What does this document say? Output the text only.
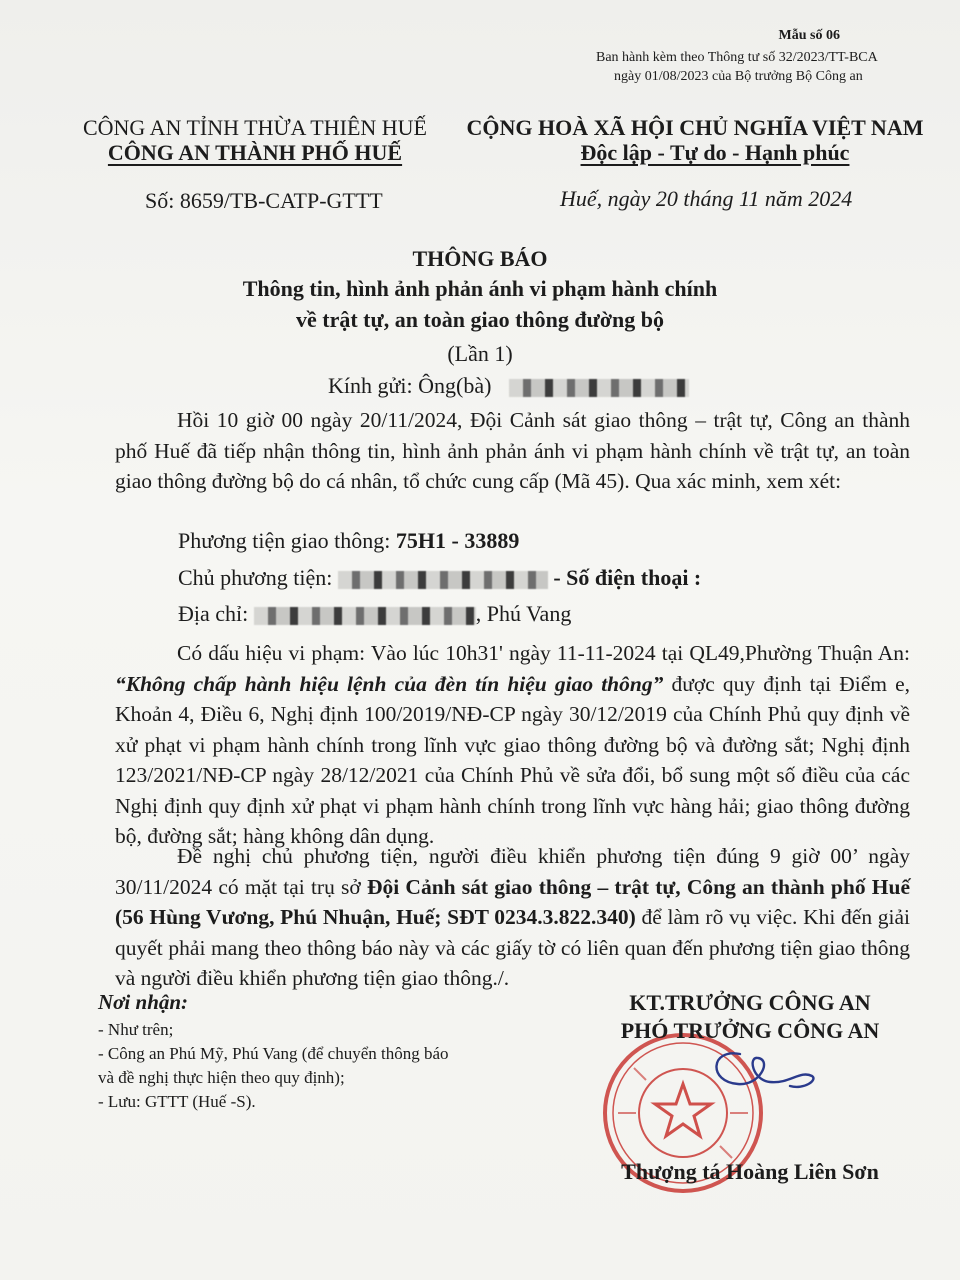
Mẫu số 06
Ban hành kèm theo Thông tư số 32/2023/TT-BCA
ngày 01/08/2023 của Bộ trưởng Bộ Công an
CÔNG AN TỈNH THỪA THIÊN HUẾ
CÔNG AN THÀNH PHỐ HUẾ
CỘNG HOÀ XÃ HỘI CHỦ NGHĨA VIỆT NAM
Độc lập - Tự do - Hạnh phúc
Số: 8659/TB-CATP-GTTT	Huế, ngày 20 tháng 11 năm 2024
THÔNG BÁO
Thông tin, hình ảnh phản ánh vi phạm hành chính
về trật tự, an toàn giao thông đường bộ
(Lần 1)
Kính gửi: Ông(bà)
Hồi 10 giờ 00 ngày 20/11/2024, Đội Cảnh sát giao thông – trật tự, Công an thành phố Huế đã tiếp nhận thông tin, hình ảnh phản ánh vi phạm hành chính về trật tự, an toàn giao thông đường bộ do cá nhân, tổ chức cung cấp (Mã 45). Qua xác minh, xem xét:
Phương tiện giao thông: 75H1 - 33889
Chủ phương tiện:	- Số điện thoại :
Địa chỉ:	, Phú Vang
Có dấu hiệu vi phạm: Vào lúc 10h31' ngày 11-11-2024 tại QL49,Phường Thuận An: “Không chấp hành hiệu lệnh của đèn tín hiệu giao thông” được quy định tại Điểm e, Khoản 4, Điều 6, Nghị định 100/2019/NĐ-CP ngày 30/12/2019 của Chính Phủ quy định về xử phạt vi phạm hành chính trong lĩnh vực giao thông đường bộ và đường sắt; Nghị định 123/2021/NĐ-CP ngày 28/12/2021 của Chính Phủ về sửa đổi, bổ sung một số điều của các Nghị định quy định xử phạt vi phạm hành chính trong lĩnh vực hàng hải; giao thông đường bộ, đường sắt; hàng không dân dụng.
Đề nghị chủ phương tiện, người điều khiển phương tiện đúng 9 giờ 00’ ngày 30/11/2024 có mặt tại trụ sở Đội Cảnh sát giao thông – trật tự, Công an thành phố Huế (56 Hùng Vương, Phú Nhuận, Huế; SĐT 0234.3.822.340) để làm rõ vụ việc. Khi đến giải quyết phải mang theo thông báo này và các giấy tờ có liên quan đến phương tiện giao thông và người điều khiển phương tiện giao thông./.
Nơi nhận:
- Như trên;
- Công an Phú Mỹ, Phú Vang (để chuyển thông báo
và đề nghị thực hiện theo quy định);
- Lưu: GTTT (Huế -S).
KT.TRƯỞNG CÔNG AN
PHÓ TRƯỞNG CÔNG AN
Thượng tá Hoàng Liên Sơn
